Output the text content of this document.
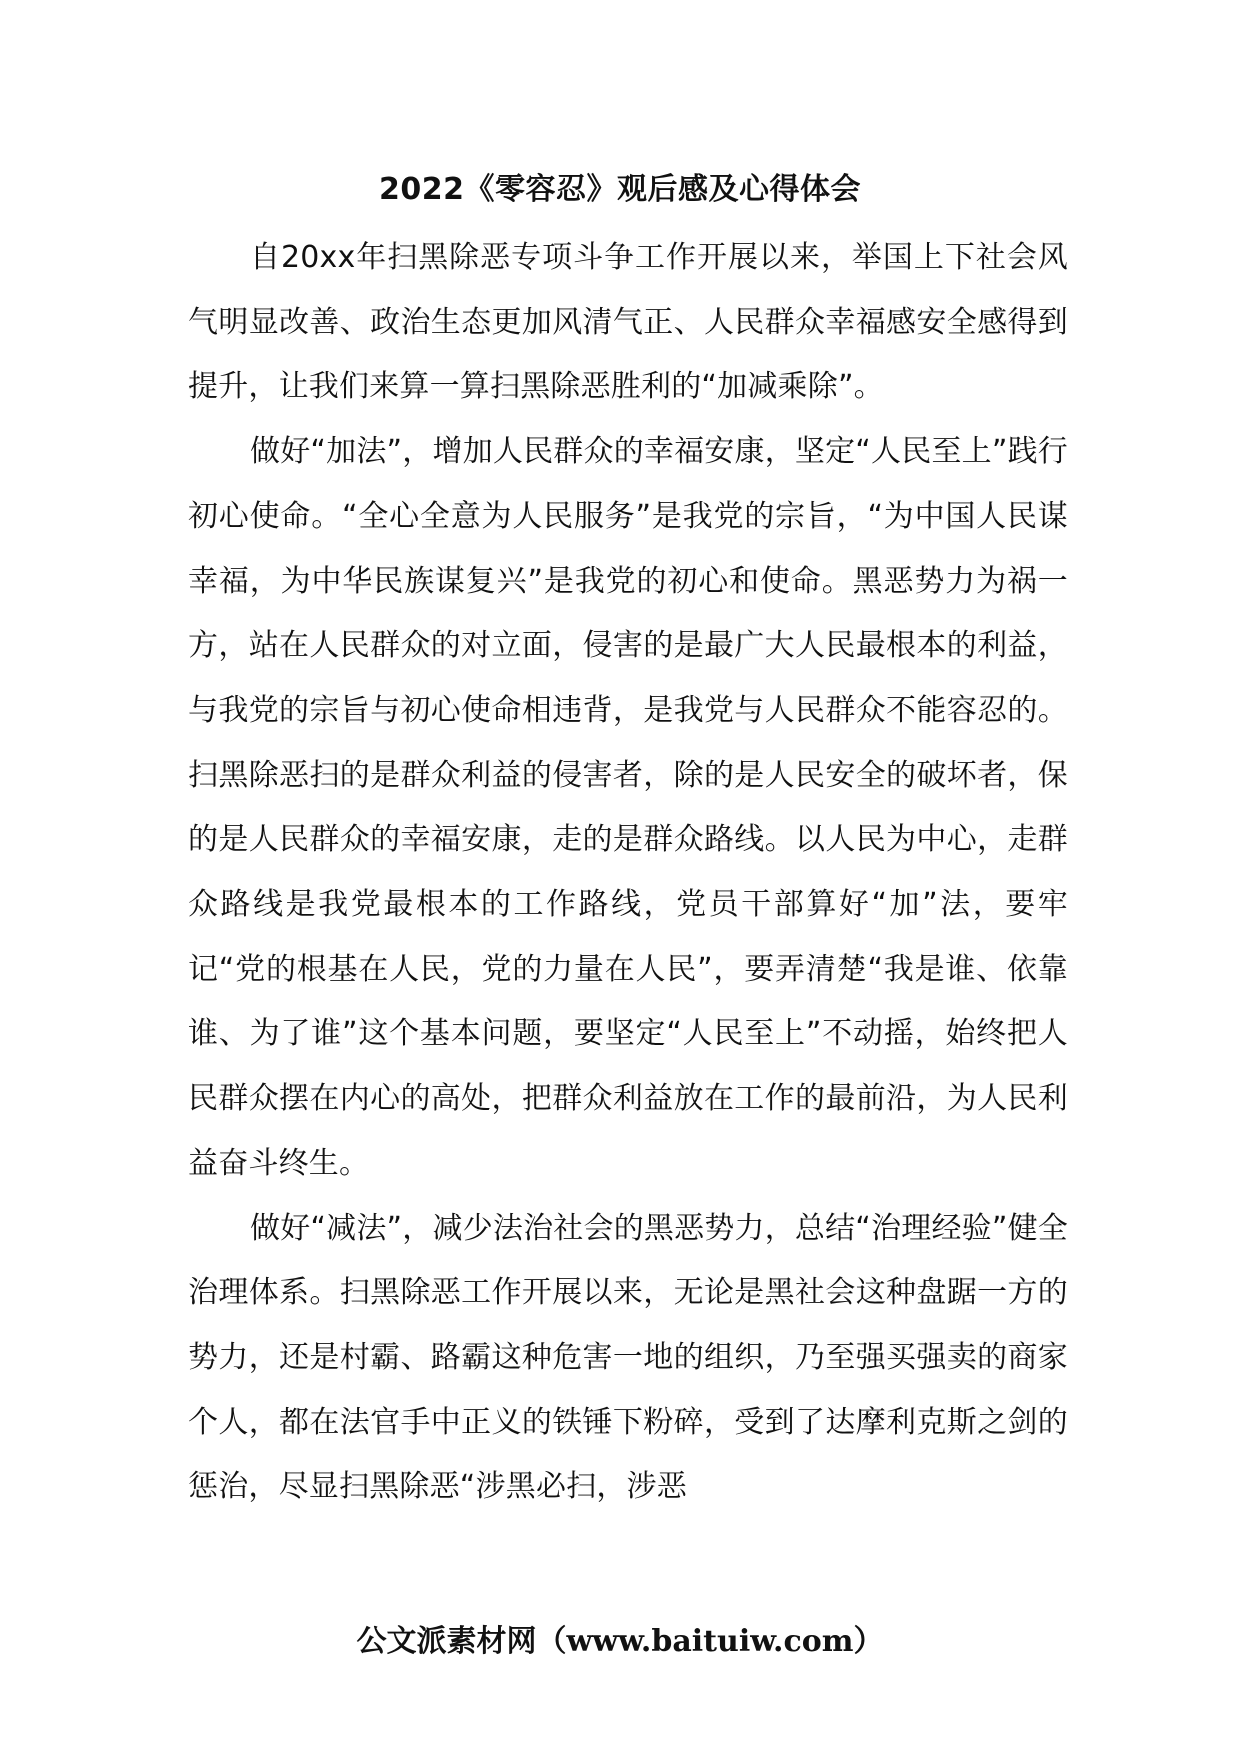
2022《零容忍》观后感及心得体会

自20xx年扫黑除恶专项斗争工作开展以来，举国上下社会风气明显改善、政治生态更加风清气正、人民群众幸福感安全感得到提升，让我们来算一算扫黑除恶胜利的“加减乘除”。

做好“加法”，增加人民群众的幸福安康，坚定“人民至上”践行初心使命。“全心全意为人民服务”是我党的宗旨，“为中国人民谋幸福，为中华民族谋复兴”是我党的初心和使命。黑恶势力为祸一方，站在人民群众的对立面，侵害的是最广大人民最根本的利益，与我党的宗旨与初心使命相违背，是我党与人民群众不能容忍的。扫黑除恶扫的是群众利益的侵害者，除的是人民安全的破坏者，保的是人民群众的幸福安康，走的是群众路线。以人民为中心，走群众路线是我党最根本的工作路线，党员干部算好“加”法，要牢记“党的根基在人民，党的力量在人民”，要弄清楚“我是谁、依靠谁、为了谁”这个基本问题，要坚定“人民至上”不动摇，始终把人民群众摆在内心的高处，把群众利益放在工作的最前沿，为人民利益奋斗终生。

做好“减法”，减少法治社会的黑恶势力，总结“治理经验”健全治理体系。扫黑除恶工作开展以来，无论是黑社会这种盘踞一方的势力，还是村霸、路霸这种危害一地的组织，乃至强买强卖的商家个人，都在法官手中正义的铁锤下粉碎，受到了达摩利克斯之剑的惩治，尽显扫黑除恶“涉黑必扫，涉恶

公文派素材网（www.baituiw.com）
